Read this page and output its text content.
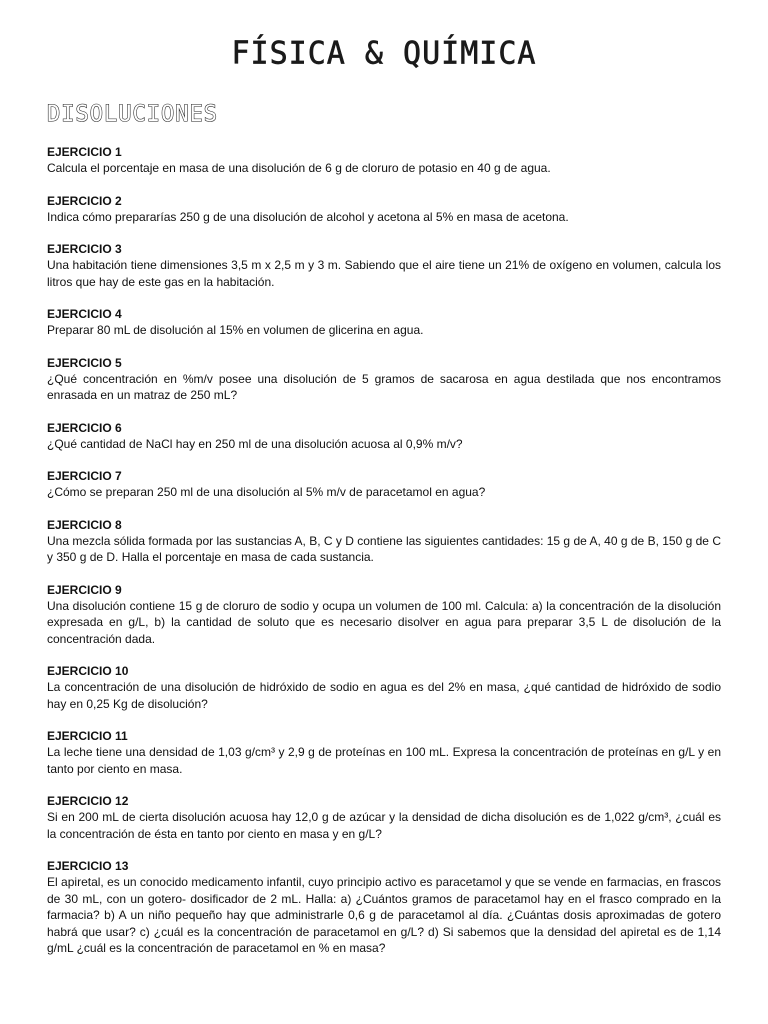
FÍSICA & QUÍMICA
DISOLUCIONES
EJERCICIO 1
Calcula el porcentaje en masa de una disolución de 6 g de cloruro de potasio en 40 g de agua.
EJERCICIO 2
Indica cómo prepararías 250 g de una disolución de alcohol y acetona al 5% en masa de acetona.
EJERCICIO 3
Una habitación tiene dimensiones 3,5 m x 2,5 m y 3 m. Sabiendo que el aire tiene un 21% de oxígeno en volumen, calcula los litros que hay de este gas en la habitación.
EJERCICIO 4
Preparar 80 mL de disolución al 15% en volumen de glicerina en agua.
EJERCICIO 5
¿Qué concentración en %m/v posee una disolución de 5 gramos de sacarosa en agua destilada que nos encontramos enrasada en un matraz de 250 mL?
EJERCICIO 6
¿Qué cantidad de NaCl hay en 250 ml de una disolución acuosa al 0,9% m/v?
EJERCICIO 7
¿Cómo se preparan 250 ml de una disolución al 5% m/v de paracetamol en agua?
EJERCICIO 8
Una mezcla sólida formada por las sustancias A, B, C y D contiene las siguientes cantidades: 15 g de A, 40 g de B, 150 g de C y 350 g de D. Halla el porcentaje en masa de cada sustancia.
EJERCICIO 9
Una disolución contiene 15 g de cloruro de sodio y ocupa un volumen de 100 ml. Calcula: a) la concentración de la disolución expresada en g/L, b) la cantidad de soluto que es necesario disolver en agua para preparar 3,5 L de disolución de la concentración dada.
EJERCICIO 10
La concentración de una disolución de hidróxido de sodio en agua es del 2% en masa, ¿qué cantidad de hidróxido de sodio hay en 0,25 Kg de disolución?
EJERCICIO 11
La leche tiene una densidad de 1,03 g/cm³ y 2,9 g de proteínas en 100 mL. Expresa la concentración de proteínas en g/L y en tanto por ciento en masa.
EJERCICIO 12
Si en 200 mL de cierta disolución acuosa hay 12,0 g de azúcar y la densidad de dicha disolución es de 1,022 g/cm³, ¿cuál es la concentración de ésta en tanto por ciento en masa y en g/L?
EJERCICIO 13
El apiretal, es un conocido medicamento infantil, cuyo principio activo es paracetamol y que se vende en farmacias, en frascos de 30 mL, con un gotero- dosificador de 2 mL. Halla: a) ¿Cuántos gramos de paracetamol hay en el frasco comprado en la farmacia? b) A un niño pequeño hay que administrarle 0,6 g de paracetamol al día. ¿Cuántas dosis aproximadas de gotero habrá que usar? c) ¿cuál es la concentración de paracetamol en g/L? d) Si sabemos que la densidad del apiretal es de 1,14 g/mL ¿cuál es la concentración de paracetamol en % en masa?
